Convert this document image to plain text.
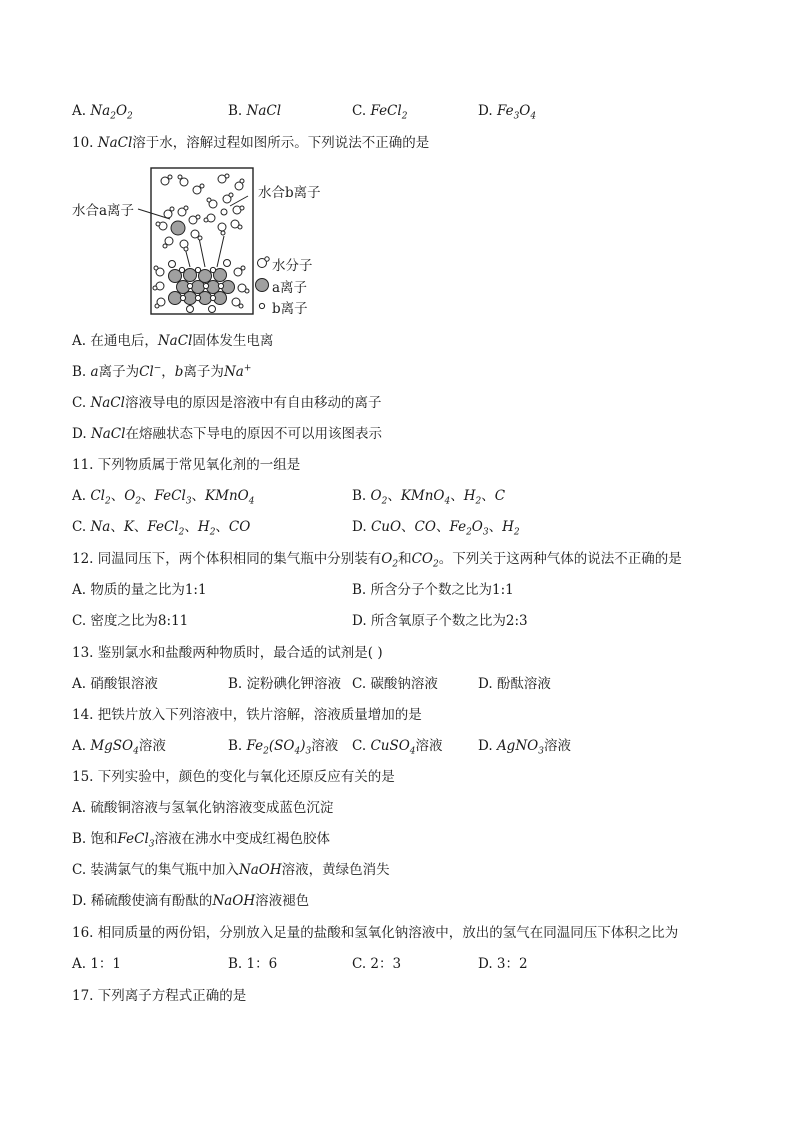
A. $Na_2O_2$	B. NaCl	C. FeCl$_2$	D. $Fe_3O_4$
10. NaCl溶于水，溶解过程如图所示。下列说法不正确的是
水合a离子
水合b离子
水分子
a离子
b离子
A. 在通电后，NaCl固体发生电离
B. a离子为Cl−，b离子为Na+
C. NaCl溶液导电的原因是溶液中有自由移动的离子
D. NaCl在熔融状态下导电的原因不可以用该图表示
11. 下列物质属于常见氧化剂的一组是
A. $Cl_2$、$O_2$、FeCl$_3$、KMnO$_4$	B. $O_2$、KMnO$_4$、$H_2$、C
C. Na、K、FeCl$_2$、$H_2$、CO	D. CuO、CO、$Fe_2O_3$、$H_2$
12. 同温同压下，两个体积相同的集气瓶中分别装有$O_2$和$CO_2$。下列关于这两种气体的说法不正确的是
A. 物质的量之比为1:1	B. 所含分子个数之比为1:1
C. 密度之比为8:11	D. 所含氧原子个数之比为2:3
13. 鉴别氯水和盐酸两种物质时，最合适的试剂是( )
A. 硝酸银溶液	B. 淀粉碘化钾溶液 C. 碳酸钠溶液	D. 酚酞溶液
14. 把铁片放入下列溶液中，铁片溶解，溶液质量增加的是
A. MgSO$_4$溶液	B. $Fe_2(SO_4)_3$溶液 C. CuSO$_4$溶液	D. AgNO$_3$溶液
15. 下列实验中，颜色的变化与氧化还原反应有关的是
A. 硫酸铜溶液与氢氧化钠溶液变成蓝色沉淀
B. 饱和FeCl$_3$溶液在沸水中变成红褐色胶体
C. 装满氯气的集气瓶中加入NaOH溶液，黄绿色消失
D. 稀硫酸使滴有酚酞的NaOH溶液褪色
16. 相同质量的两份铝，分别放入足量的盐酸和氢氧化钠溶液中，放出的氢气在同温同压下体积之比为
A. 1：1	B. 1：6	C. 2：3	D. 3：2
17. 下列离子方程式正确的是
